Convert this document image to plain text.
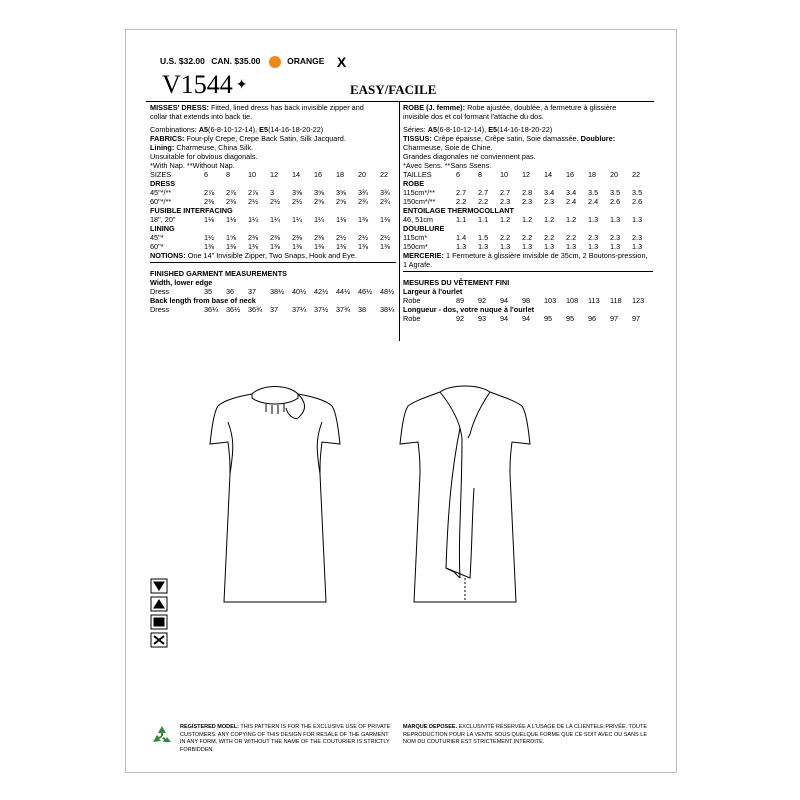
U.S. $32.00 CAN. $35.00	ORANGE X
V1544 ✦	EASY/FACILE
MISSES' DRESS: Fitted, lined dress has back invisible zipper and
collar that extends into back tie.
Combinations: A5(6-8-10-12-14), E5(14-16-18-20-22)
FABRICS: Four-ply Crepe, Crepe Back Satin, Silk Jacquard.
Lining: Charmeuse, China Silk.
Unsuitable for obvious diagonals.
*With Nap. **Without Nap.
SIZES	6 8 10 12 14 16 18 20 22
DRESS
45"*/**	2⅞ 2⅞ 2⅞ 3 3⅝ 3⅝ 3⅝ 3¾ 3¾
60"*/**	2⅜ 2⅜ 2½ 2½ 2½ 2⅝ 2⅝ 2¾ 2¾
FUSIBLE INTERFACING
18", 20"	1⅛ 1⅛ 1¼ 1¼ 1¼ 1¼ 1⅜ 1⅜ 1⅜
LINING
45"*	1½ 1⅝ 2⅜ 2⅜ 2⅜ 2⅜ 2½ 2½ 2½
60"*	1⅜ 1⅜ 1⅜ 1⅜ 1⅜ 1⅜ 1⅜ 1⅜ 1⅜
NOTIONS: One 14" Invisible Zipper, Two Snaps, Hook and Eye.
FINISHED GARMENT MEASUREMENTS
Width, lower edge
Dress	35 36 37 38½ 40½ 42½ 44½ 46½ 48½
Back length from base of neck
Dress	36¼ 36½ 36¾ 37 37¼ 37½ 37¾ 38 38¼
ROBE (J. femme): Robe ajustée, doublée, à fermeture à glissière
invisible dos et col formant l'attache du dos.
Séries: A5(6-8-10-12-14), E5(14-16-18-20-22)
TISSUS: Crêpe épaisse, Crêpe satin, Soie damassée. Doublure:
Charmeuse, Soie de Chine.
Grandes diagonales ne conviennent pas.
*Avec Sens. **Sans Ssens.
TAILLES	6 8 10 12 14 16 18 20 22
ROBE
115cm*/**	2.7 2.7 2.7 2.8 3.4 3.4 3.5 3.5 3.5
150cm*/**	2.2 2.2 2.3 2.3 2.3 2.4 2.4 2.6 2.6
ENTOILAGE THERMOCOLLANT
46, 51cm	1.1 1.1 1.2 1.2 1.2 1.2 1.3 1.3 1.3
DOUBLURE
115cm*	1.4 1.5 2.2 2.2 2.2 2.2 2.3 2.3 2.3
150cm*	1.3 1.3 1.3 1.3 1.3 1.3 1.3 1.3 1.3
MERCERIE: 1 Fermeture à glissière invisible de 35cm, 2 Boutons-pression, 1 Agrafe.
MESURES DU VÊTEMENT FINI
Largeur à l'ourlet
Robe	89 92 94 98 103 108 113 118 123
Longueur - dos, votre nuque à l'ourlet
Robe	92 93 94 94 95 95 96 97 97
REGISTERED MODEL: THIS PATTERN IS FOR THE EXCLUSIVE USE OF PRIVATE CUSTOMERS. ANY COPYING OF THIS DESIGN FOR RESALE OF THE GARMENT IN ANY FORM, WITH OR WITHOUT THE NAME OF THE COUTURIER IS STRICTLY FORBIDDEN.
MARQUE DEPOSEE. EXCLUSIVITÉ RÉSERVÉE A L'USAGE DE LA CLIENTELE PRIVÉE. TOUTE REPRODUCTION POUR LA VENTE SOUS QUELQUE FORME QUE CE SOIT AVEC OU SANS LE NOM DU COUTURIER EST STRICTEMENT INTERDITE.
